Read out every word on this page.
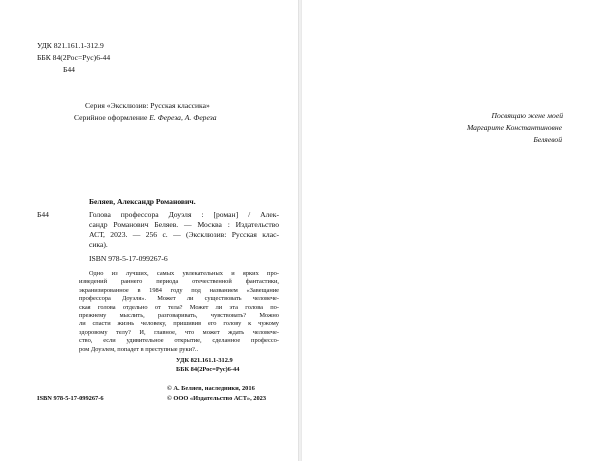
УДК 821.161.1-312.9
ББК 84(2Рос=Рус)6-44
Б44
Серия «Эксклюзив: Русская классика»
Серийное оформление Е. Фереза, А. Фереза
Беляев, Александр Романович.
Б44	Голова профессора Доуэля : [роман] / Алек-
сандр Романович Беляев. — Москва : Издательство
АСТ, 2023. — 256 с. — (Эксклюзив: Русская клас-
сика).
ISBN 978-5-17-099267-6
Одно из лучших, самых увлекательных и ярких про-
изведений раннего периода отечественной фантастики,
экранизированное в 1984 году под названием «Завещание
профессора Доуэля». Может ли существовать человече-
ская голова отдельно от тела? Может ли эта голова по-
прежнему мыслить, разговаривать, чувствовать? Можно
ли спасти жизнь человеку, пришивив его голову к чужому
здоровому телу? И, главное, что может ждать человече-
ство, если удивительное открытие, сделанное профессо-
ром Доуэлем, попадет в преступные руки?..
УДК 821.161.1-312.9
ББК 84(2Рос=Рус)6-44
ISBN 978-5-17-099267-6
© А. Беляев, наследники, 2016
© ООО «Издательство АСТ», 2023
Посвящаю жене моей
Маргарите Константиновне
Беляевой
